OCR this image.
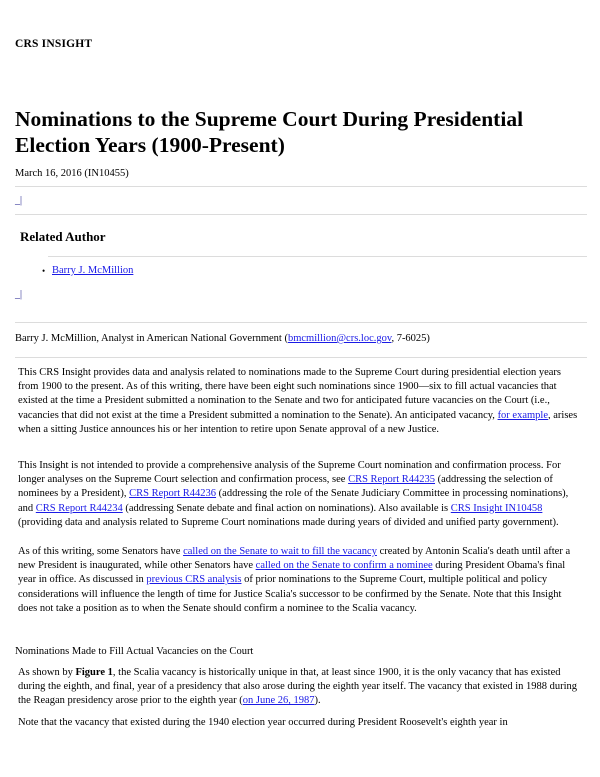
CRS INSIGHT
Nominations to the Supreme Court During Presidential Election Years (1900-Present)
March 16, 2016 (IN10455)
_|
Related Author
• Barry J. McMillion
_|
Barry J. McMillion, Analyst in American National Government (bmcmillion@crs.loc.gov, 7-6025)

This CRS Insight provides data and analysis related to nominations made to the Supreme Court during presidential election years from 1900 to the present. As of this writing, there have been eight such nominations since 1900—six to fill actual vacancies that existed at the time a President submitted a nomination to the Senate and two for anticipated future vacancies on the Court (i.e., vacancies that did not exist at the time a President submitted a nomination to the Senate). An anticipated vacancy, for example, arises when a sitting Justice announces his or her intention to retire upon Senate approval of a new Justice.

This Insight is not intended to provide a comprehensive analysis of the Supreme Court nomination and confirmation process. For longer analyses on the Supreme Court selection and confirmation process, see CRS Report R44235 (addressing the selection of nominees by a President), CRS Report R44236 (addressing the role of the Senate Judiciary Committee in processing nominations), and CRS Report R44234 (addressing Senate debate and final action on nominations). Also available is CRS Insight IN10458 (providing data and analysis related to Supreme Court nominations made during years of divided and unified party government).

As of this writing, some Senators have called on the Senate to wait to fill the vacancy created by Antonin Scalia's death until after a new President is inaugurated, while other Senators have called on the Senate to confirm a nominee during President Obama's final year in office. As discussed in previous CRS analysis of prior nominations to the Supreme Court, multiple political and policy considerations will influence the length of time for Justice Scalia's successor to be confirmed by the Senate. Note that this Insight does not take a position as to when the Senate should confirm a nominee to the Scalia vacancy.

Nominations Made to Fill Actual Vacancies on the Court

As shown by Figure 1, the Scalia vacancy is historically unique in that, at least since 1900, it is the only vacancy that has existed during the eighth, and final, year of a presidency that also arose during the eighth year itself. The vacancy that existed in 1988 during the Reagan presidency arose prior to the eighth year (on June 26, 1987).

Note that the vacancy that existed during the 1940 election year occurred during President Roosevelt's eighth year in
